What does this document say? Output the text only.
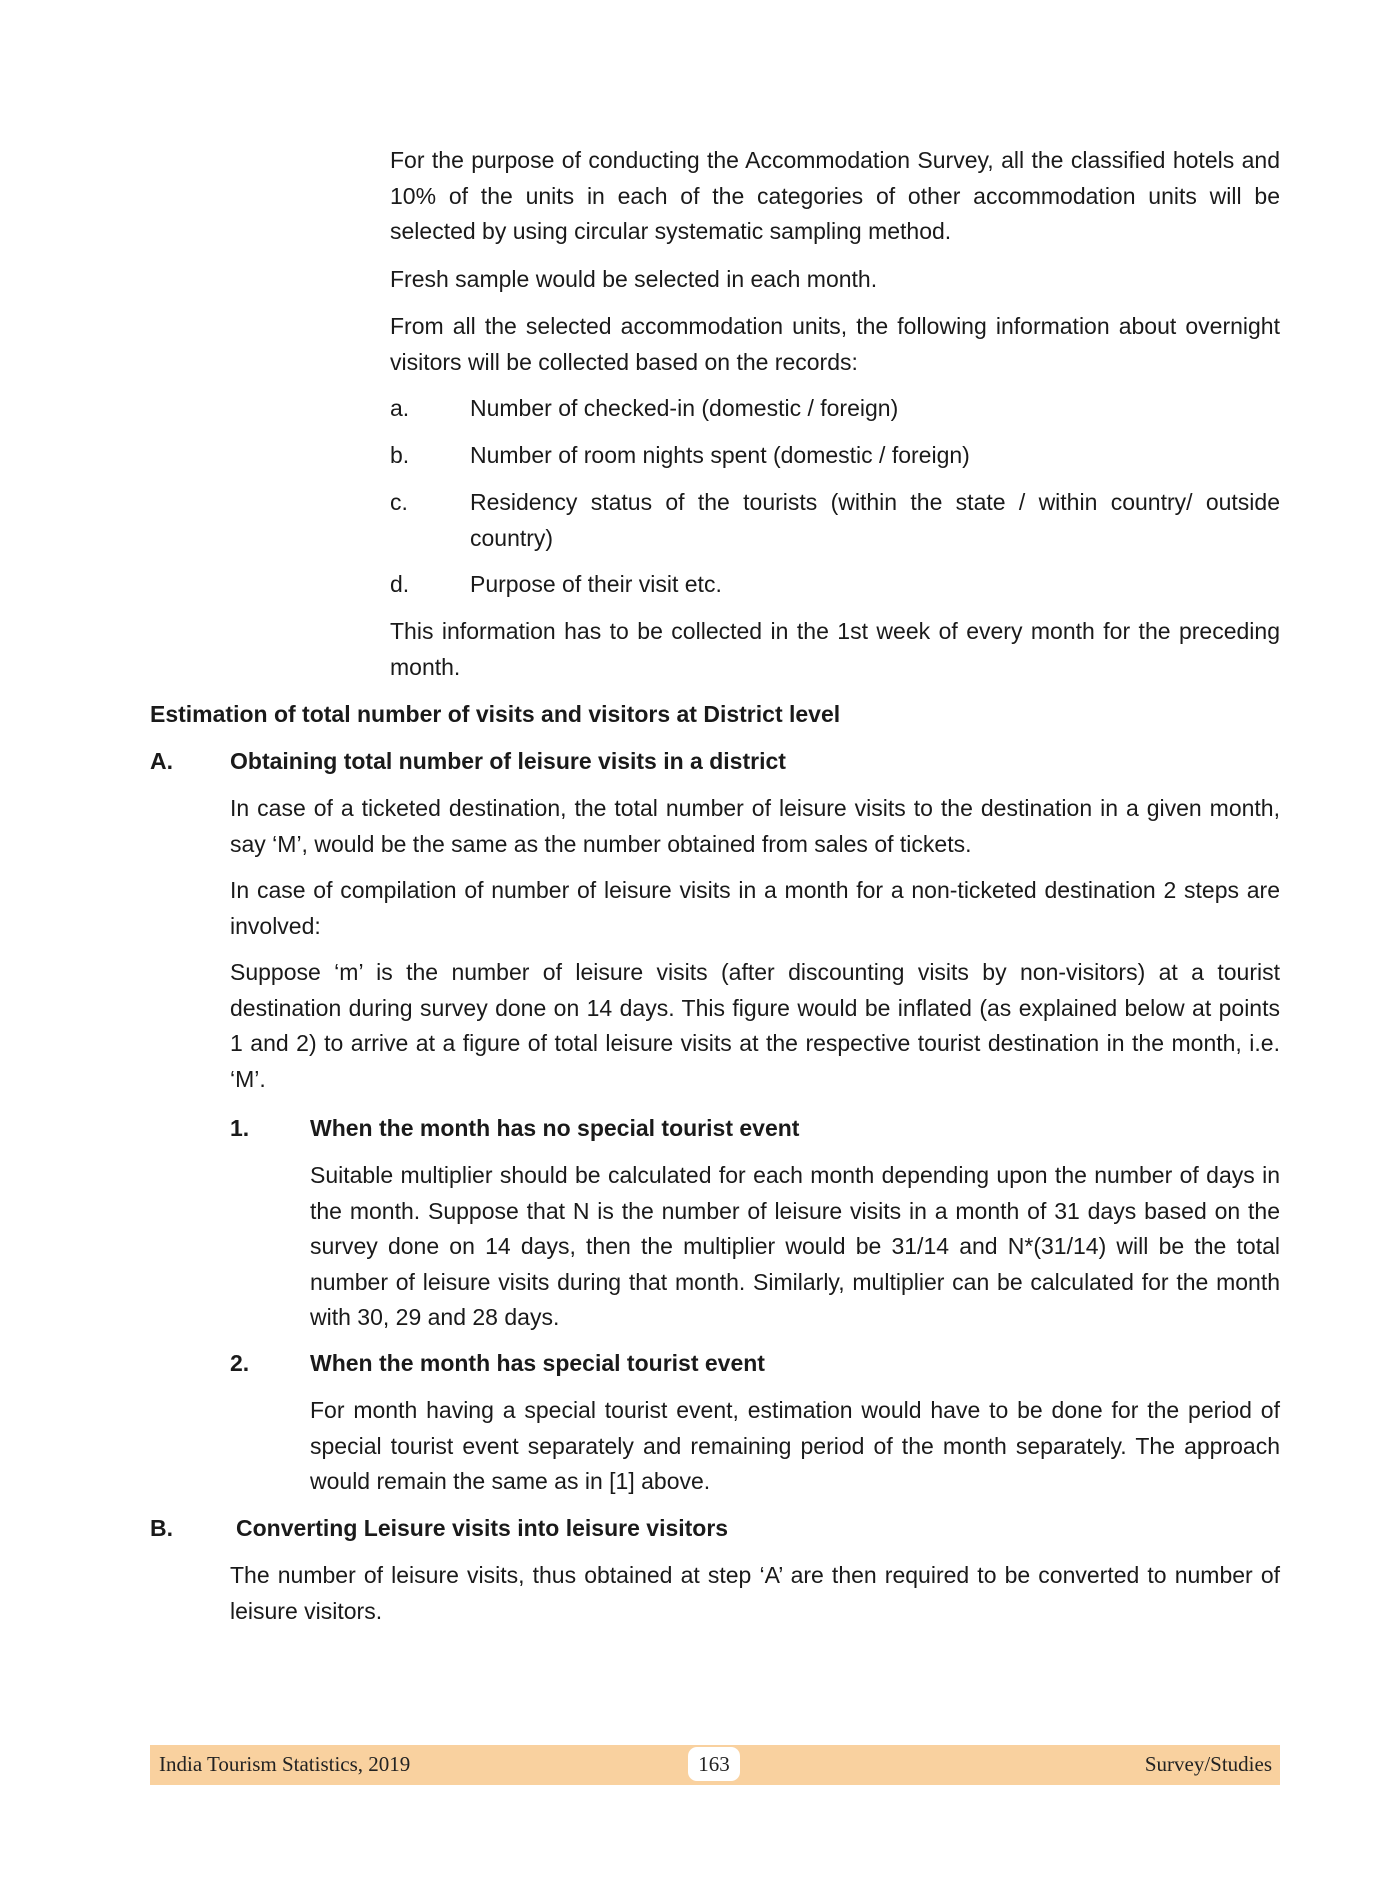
For the purpose of conducting the Accommodation Survey, all the classified hotels and 10% of the units in each of the categories of other accommodation units will be selected by using circular systematic sampling method.

Fresh sample would be selected in each month.

From all the selected accommodation units, the following information about overnight visitors will be collected based on the records:

a.	Number of checked-in (domestic / foreign)

b.	Number of room nights spent (domestic / foreign)

c.	Residency status of the tourists (within the state / within country/ outside country)

d.	Purpose of their visit etc.

This information has to be collected in the 1st week of every month for the preceding month.

Estimation of total number of visits and visitors at District level

A. Obtaining total number of leisure visits in a district

In case of a ticketed destination, the total number of leisure visits to the destination in a given month, say ‘M’, would be the same as the number obtained from sales of tickets.

In case of compilation of number of leisure visits in a month for a non-ticketed destination 2 steps are involved:

Suppose ‘m’ is the number of leisure visits (after discounting visits by non-visitors) at a tourist destination during survey done on 14 days. This figure would be inflated (as explained below at points 1 and 2) to arrive at a figure of total leisure visits at the respective tourist destination in the month, i.e. ‘M’.

1.	When the month has no special tourist event

Suitable multiplier should be calculated for each month depending upon the number of days in the month. Suppose that N is the number of leisure visits in a month of 31 days based on the survey done on 14 days, then the multiplier would be 31/14 and N*(31/14) will be the total number of leisure visits during that month. Similarly, multiplier can be calculated for the month with 30, 29 and 28 days.

2.	When the month has special tourist event

For month having a special tourist event, estimation would have to be done for the period of special tourist event separately and remaining period of the month separately. The approach would remain the same as in [1] above.

B.	Converting Leisure visits into leisure visitors

The number of leisure visits, thus obtained at step ‘A’ are then required to be converted to number of leisure visitors.

India Tourism Statistics, 2019	163	Survey/Studies
